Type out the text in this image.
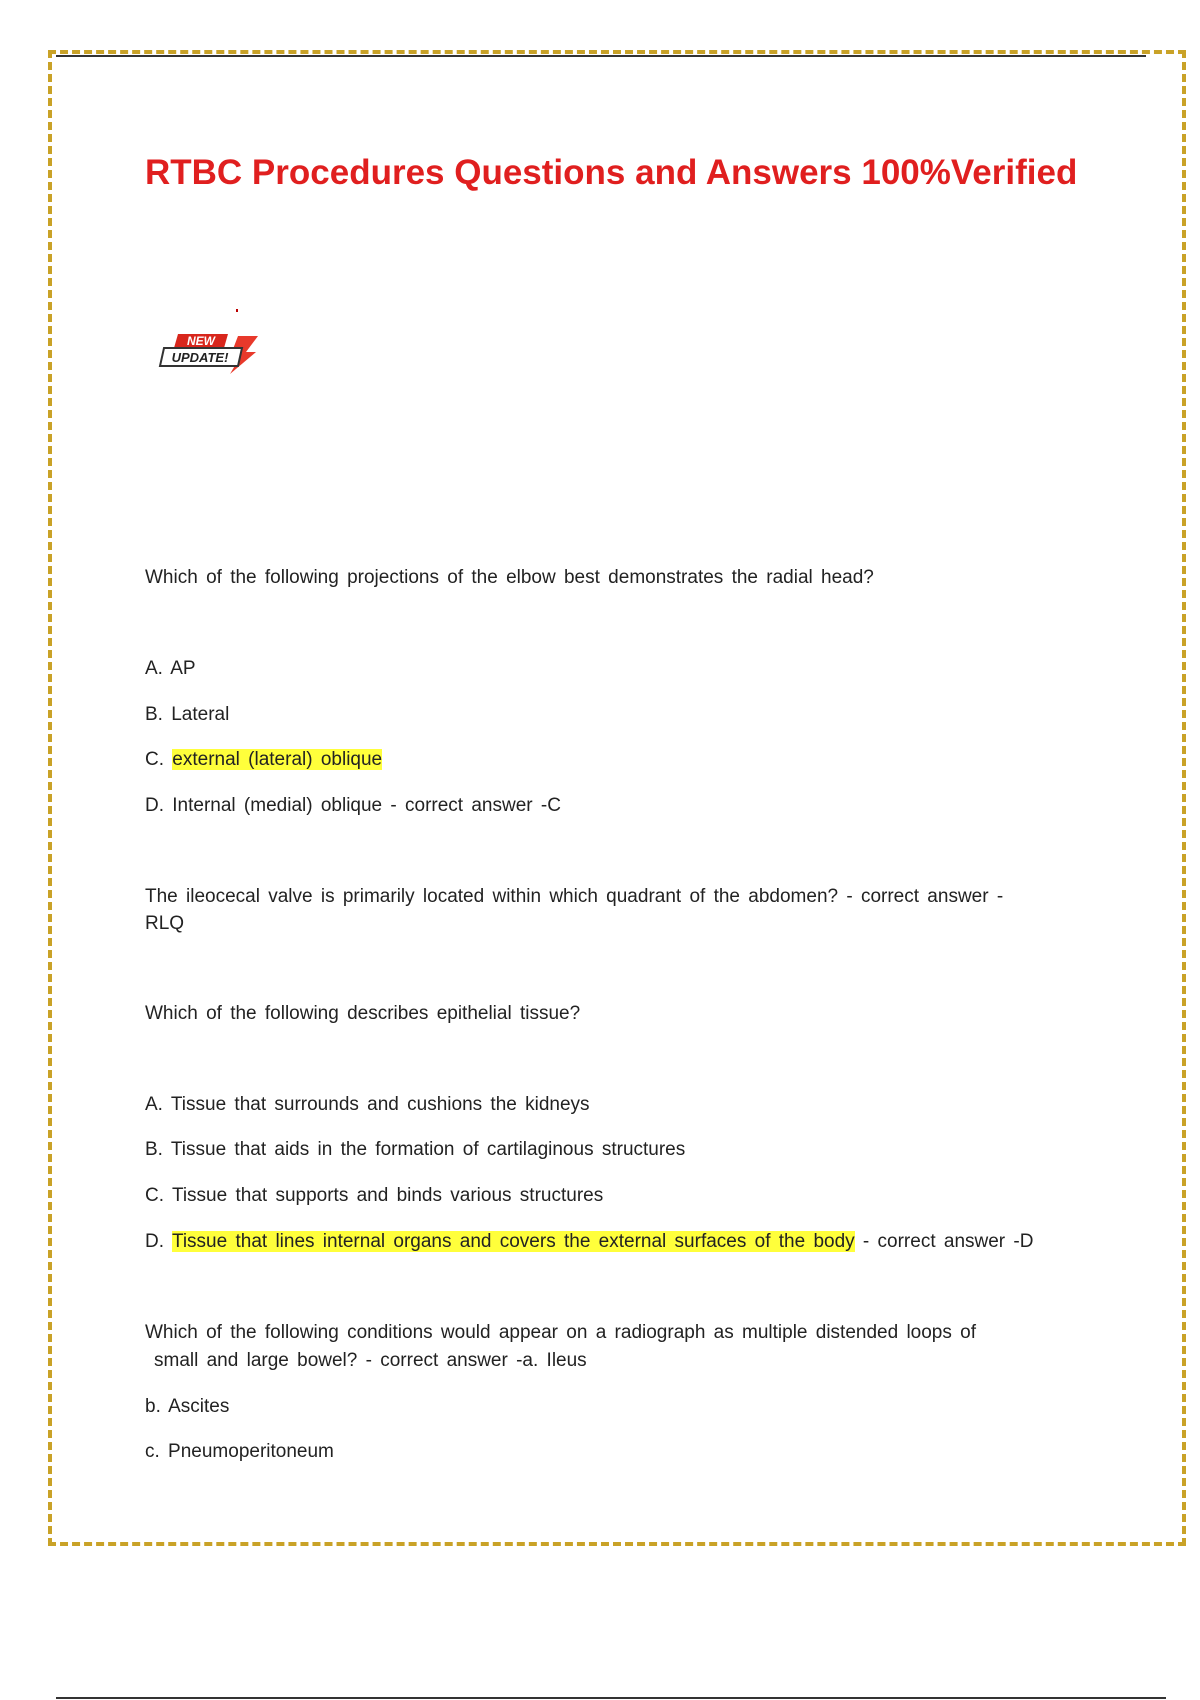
RTBC Procedures Questions and Answers 100%Verified
NEW
UPDATE!
Which of the following projections of the elbow best demonstrates the radial head?
A. AP
B. Lateral
C. external (lateral) oblique
D. Internal (medial) oblique - correct answer -C
The ileocecal valve is primarily located within which quadrant of the abdomen? - correct answer -
RLQ
Which of the following describes epithelial tissue?
A. Tissue that surrounds and cushions the kidneys
B. Tissue that aids in the formation of cartilaginous structures
C. Tissue that supports and binds various structures
D. Tissue that lines internal organs and covers the external surfaces of the body - correct answer -D
Which of the following conditions would appear on a radiograph as multiple distended loops of
small and large bowel? - correct answer -a. Ileus
b. Ascites
c. Pneumoperitoneum
